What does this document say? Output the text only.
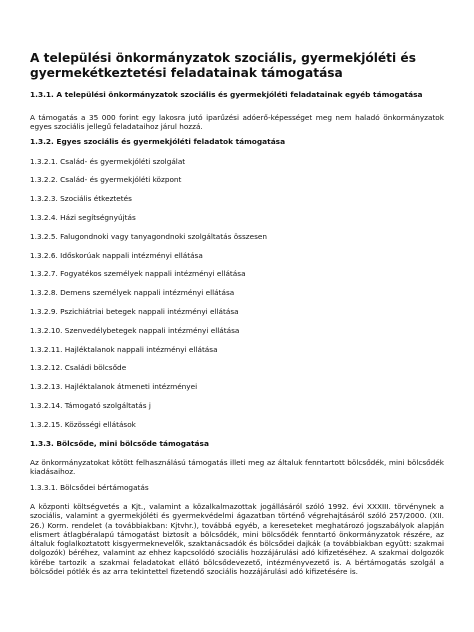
A települési önkormányzatok szociális, gyermekjóléti és gyermekétkeztetési feladatainak támogatása

1.3.1. A települési önkormányzatok szociális és gyermekjóléti feladatainak egyéb támogatása

A támogatás a 35 000 forint egy lakosra jutó iparűzési adóerő-képességet meg nem haladó önkormányzatok egyes szociális jellegű feladataihoz járul hozzá.

1.3.2. Egyes szociális és gyermekjóléti feladatok támogatása

1.3.2.1. Család- és gyermekjóléti szolgálat

1.3.2.2. Család- és gyermekjóléti központ

1.3.2.3. Szociális étkeztetés

1.3.2.4. Házi segítségnyújtás

1.3.2.5. Falugondnoki vagy tanyagondnoki szolgáltatás összesen

1.3.2.6. Időskorúak nappali intézményi ellátása

1.3.2.7. Fogyatékos személyek nappali intézményi ellátása

1.3.2.8. Demens személyek nappali intézményi ellátása

1.3.2.9. Pszichiátriai betegek nappali intézményi ellátása

1.3.2.10. Szenvedélybetegek nappali intézményi ellátása

1.3.2.11. Hajléktalanok nappali intézményi ellátása

1.3.2.12. Családi bölcsőde

1.3.2.13. Hajléktalanok átmeneti intézményei

1.3.2.14. Támogató szolgáltatás j

1.3.2.15. Közösségi ellátások

1.3.3. Bölcsőde, mini bölcsőde támogatása

Az önkormányzatokat kötött felhasználású támogatás illeti meg az általuk fenntartott bölcsődék, mini bölcsődék kiadásaihoz.

1.3.3.1. Bölcsődei bértámogatás

A központi költségvetés a Kjt., valamint a közalkalmazottak jogállásáról szóló 1992. évi XXXIII. törvénynek a szociális, valamint a gyermekjóléti és gyermekvédelmi ágazatban történő végrehajtásáról szóló 257/2000. (XII. 26.) Korm. rendelet (a továbbiakban: Kjtvhr.), továbbá egyéb, a kereseteket meghatározó jogszabályok alapján elismert átlagbéralapú támogatást biztosít a bölcsődék, mini bölcsődék fenntartó önkormányzatok részére, az általuk foglalkoztatott kisgyermeknevelők, szaktanácsadók és bölcsődei dajkák (a továbbiakban együtt: szakmai dolgozók) béréhez, valamint az ehhez kapcsolódó szociális hozzájárulási adó kifizetéséhez. A szakmai dolgozók körébe tartozik a szakmai feladatokat ellátó bölcsődevezető, intézményvezető is. A bértámogatás szolgál a bölcsődei pótlék és az arra tekintettel fizetendő szociális hozzájárulási adó kifizetésére is.
